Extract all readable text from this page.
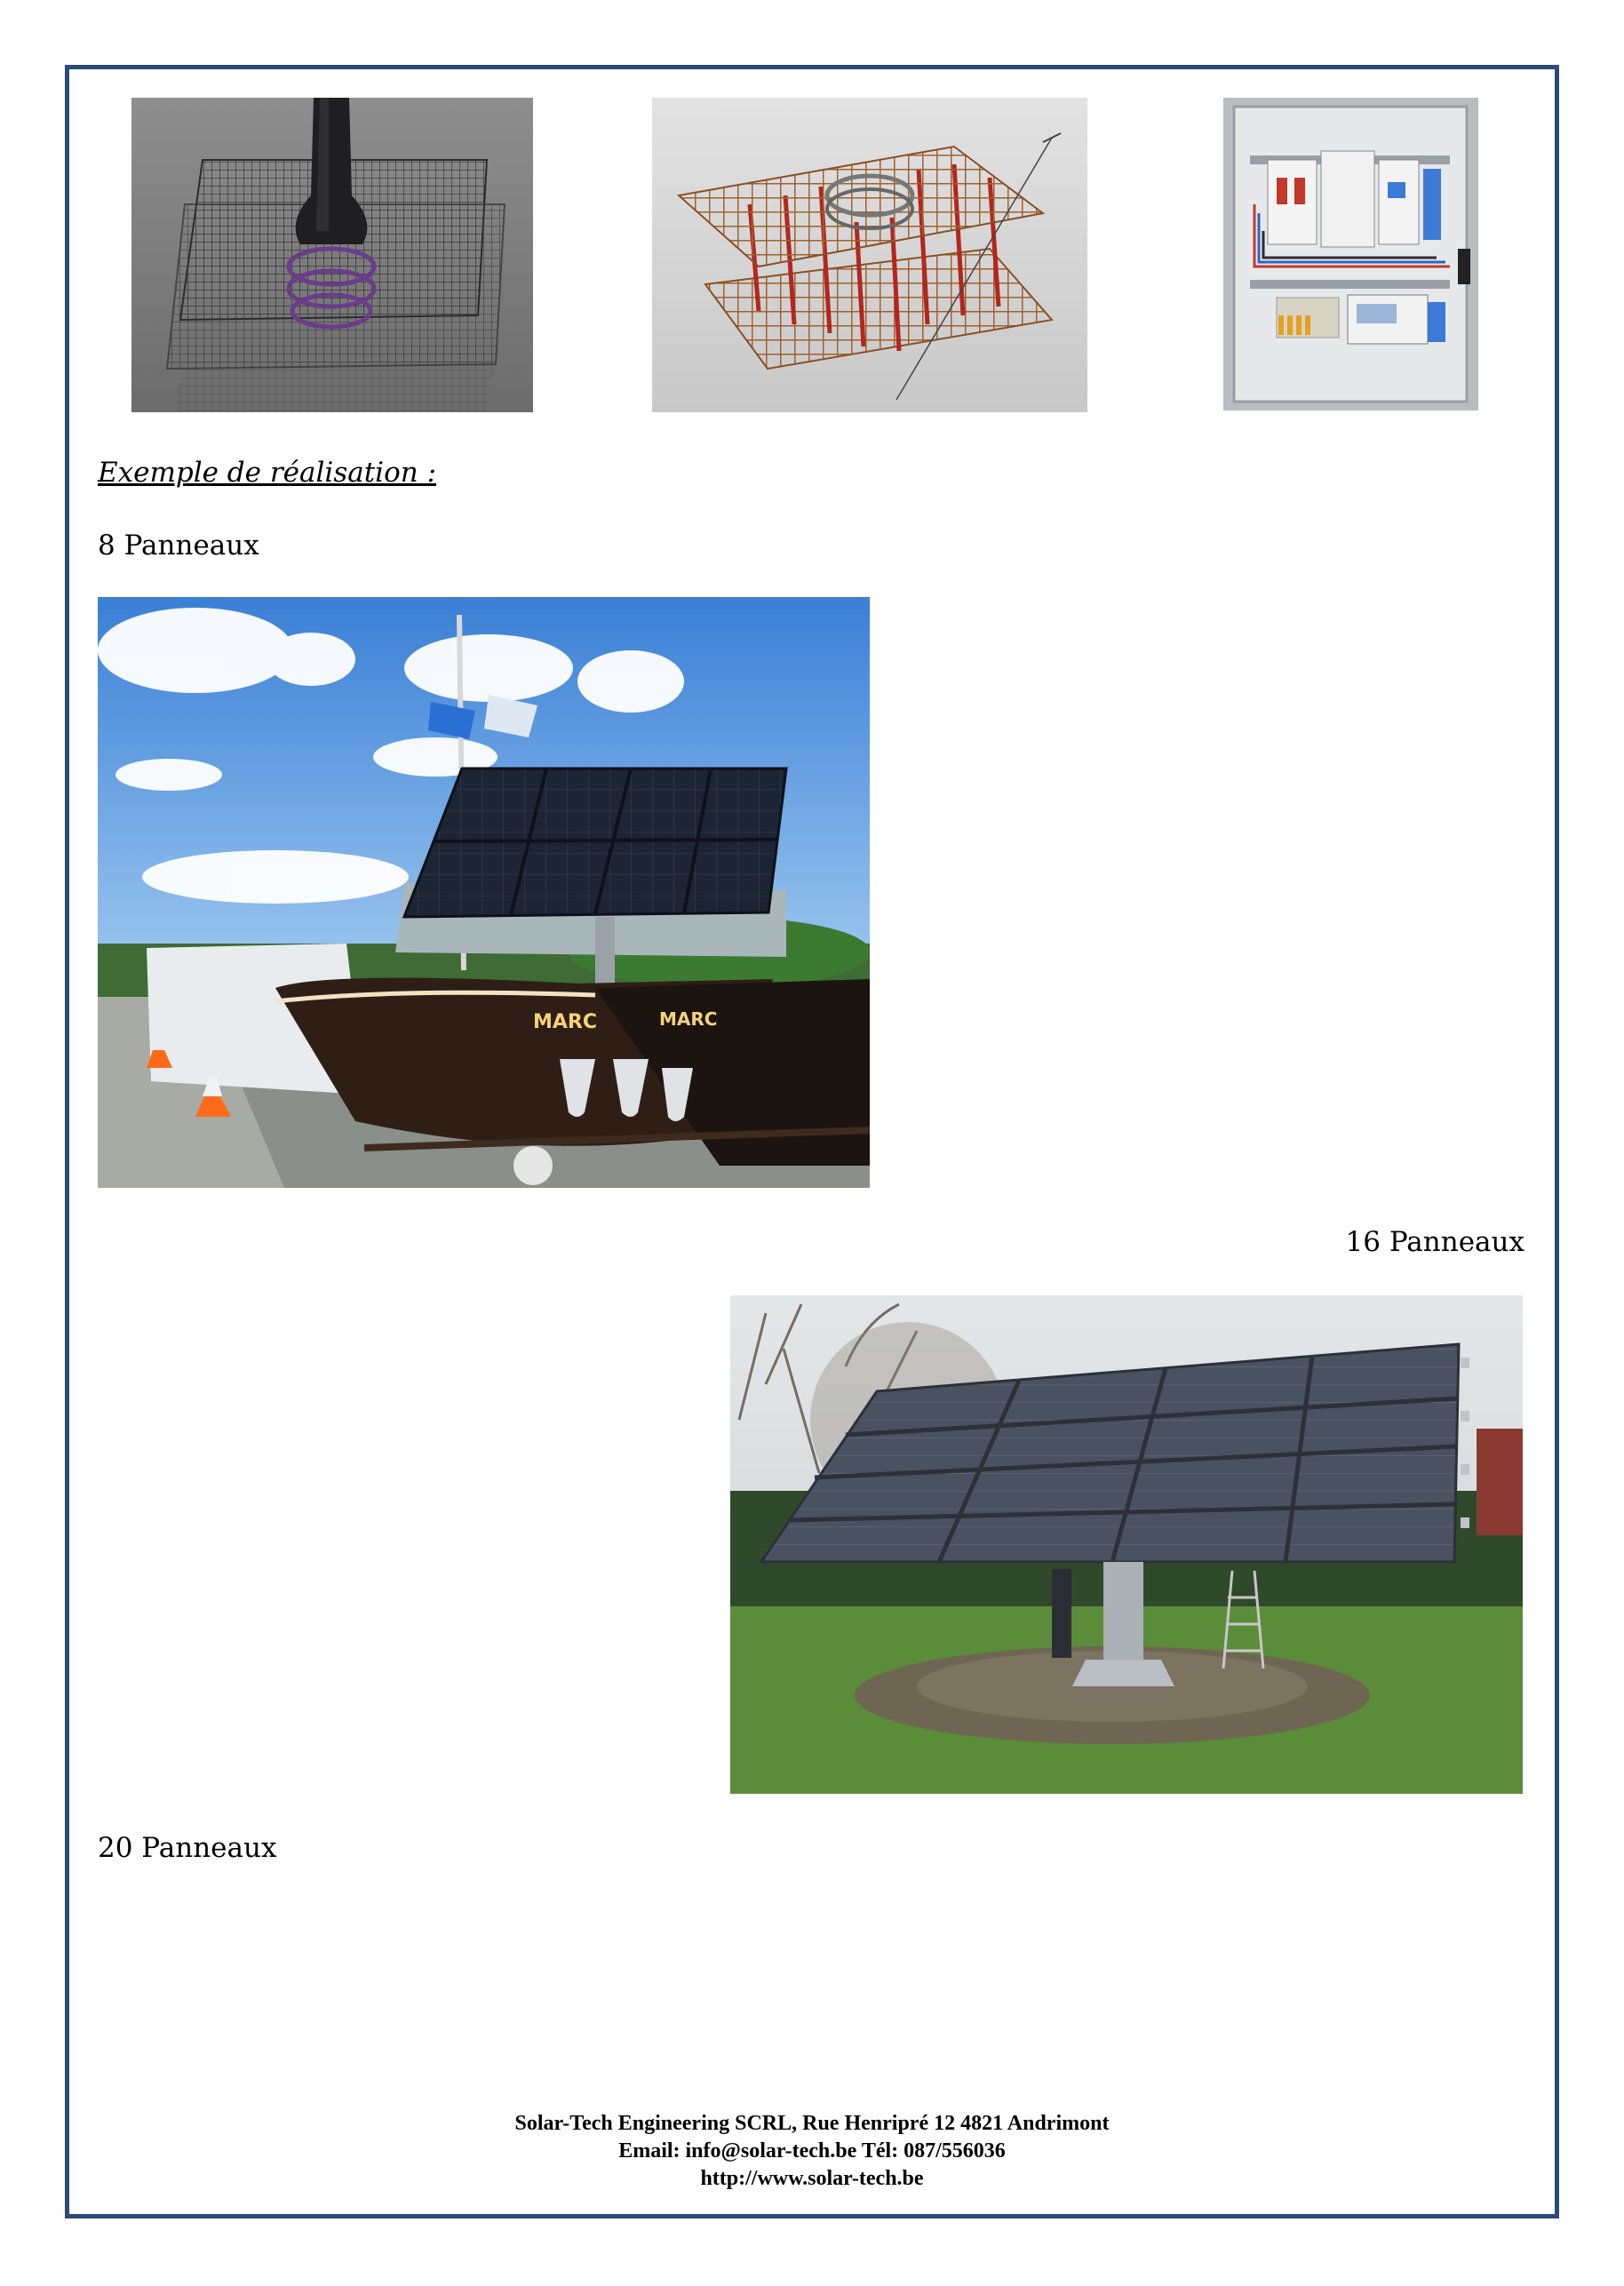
Exemple de réalisation :
8 Panneaux
MARC	MARC
16 Panneaux
20 Panneaux
Solar-Tech Engineering SCRL, Rue Henripré 12 4821 Andrimont
Email: info@solar-tech.be Tél: 087/556036
http://www.solar-tech.be
